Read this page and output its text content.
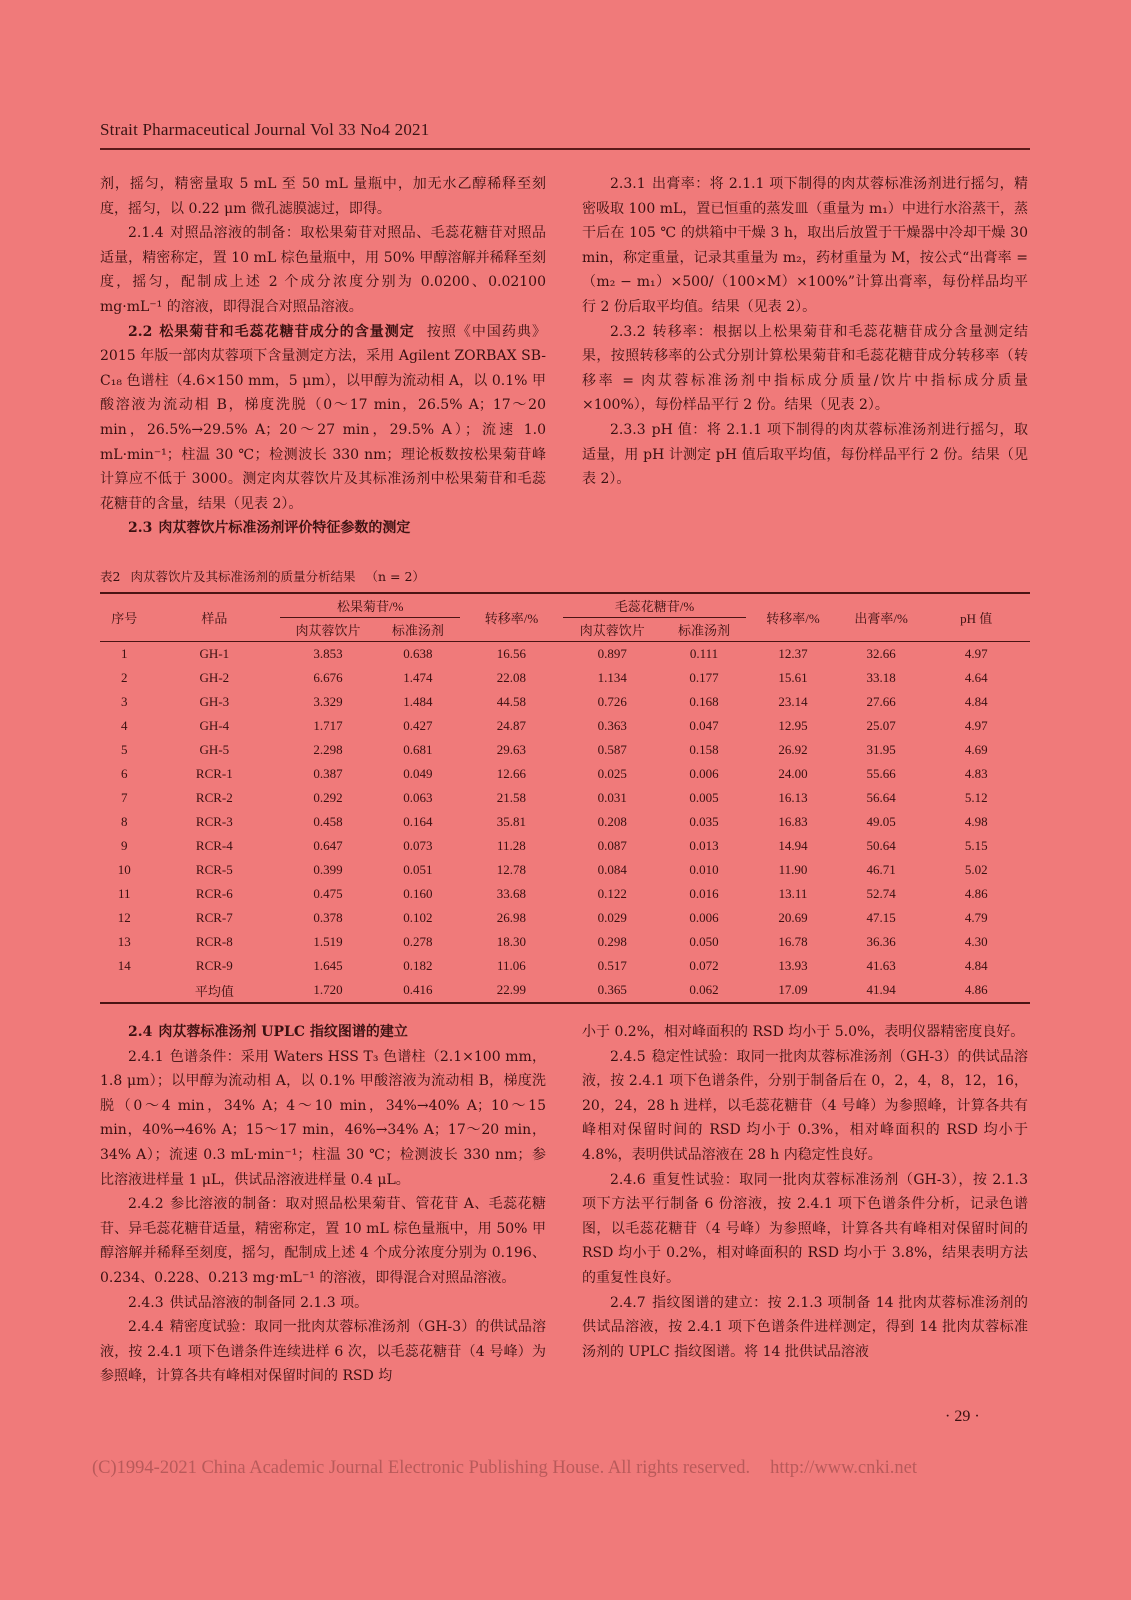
Strait Pharmaceutical Journal Vol 33 No4 2021

剂，摇匀，精密量取 5 mL 至 50 mL 量瓶中，加无水乙醇稀释至刻度，摇匀，以 0.22 μm 微孔滤膜滤过，即得。

2.1.4 对照品溶液的制备：取松果菊苷对照品、毛蕊花糖苷对照品适量，精密称定，置 10 mL 棕色量瓶中，用 50% 甲醇溶解并稀释至刻度，摇匀，配制成上述 2 个成分浓度分别为 0.0200、0.02100 mg·mL⁻¹ 的溶液，即得混合对照品溶液。

2.2 松果菊苷和毛蕊花糖苷成分的含量测定 按照《中国药典》2015 年版一部肉苁蓉项下含量测定方法，采用 Agilent ZORBAX SB-C₁₈ 色谱柱（4.6×150 mm，5 μm），以甲醇为流动相 A，以 0.1% 甲酸溶液为流动相 B，梯度洗脱（0～17 min，26.5% A；17～20 min，26.5%→29.5% A；20～27 min，29.5% A）；流速 1.0 mL·min⁻¹；柱温 30 ℃；检测波长 330 nm；理论板数按松果菊苷峰计算应不低于 3000。测定肉苁蓉饮片及其标准汤剂中松果菊苷和毛蕊花糖苷的含量，结果（见表 2）。

2.3 肉苁蓉饮片标准汤剂评价特征参数的测定

2.3.1 出膏率：将 2.1.1 项下制得的肉苁蓉标准汤剂进行摇匀，精密吸取 100 mL，置已恒重的蒸发皿（重量为 m₁）中进行水浴蒸干，蒸干后在 105 ℃ 的烘箱中干燥 3 h，取出后放置于干燥器中冷却干燥 30 min，称定重量，记录其重量为 m₂，药材重量为 M，按公式“出膏率 =（m₂ − m₁）×500/（100×M）×100%”计算出膏率，每份样品均平行 2 份后取平均值。结果（见表 2）。

2.3.2 转移率：根据以上松果菊苷和毛蕊花糖苷成分含量测定结果，按照转移率的公式分别计算松果菊苷和毛蕊花糖苷成分转移率（转移率 = 肉苁蓉标准汤剂中指标成分质量/饮片中指标成分质量×100%），每份样品平行 2 份。结果（见表 2）。

2.3.3 pH 值：将 2.1.1 项下制得的肉苁蓉标准汤剂进行摇匀，取适量，用 pH 计测定 pH 值后取平均值，每份样品平行 2 份。结果（见表 2）。

表2 肉苁蓉饮片及其标准汤剂的质量分析结果 （n = 2）
序号	样品	松果菊苷/%		转移率/%	毛蕊花糖苷/%		转移率/%	出膏率/%	pH 值
		肉苁蓉饮片	标准汤剂		肉苁蓉饮片	标准汤剂			
1	GH-1	3.853	0.638	16.56	0.897	0.111	12.37	32.66	4.97
2	GH-2	6.676	1.474	22.08	1.134	0.177	15.61	33.18	4.64
3	GH-3	3.329	1.484	44.58	0.726	0.168	23.14	27.66	4.84
4	GH-4	1.717	0.427	24.87	0.363	0.047	12.95	25.07	4.97
5	GH-5	2.298	0.681	29.63	0.587	0.158	26.92	31.95	4.69
6	RCR-1	0.387	0.049	12.66	0.025	0.006	24.00	55.66	4.83
7	RCR-2	0.292	0.063	21.58	0.031	0.005	16.13	56.64	5.12
8	RCR-3	0.458	0.164	35.81	0.208	0.035	16.83	49.05	4.98
9	RCR-4	0.647	0.073	11.28	0.087	0.013	14.94	50.64	5.15
10	RCR-5	0.399	0.051	12.78	0.084	0.010	11.90	46.71	5.02
11	RCR-6	0.475	0.160	33.68	0.122	0.016	13.11	52.74	4.86
12	RCR-7	0.378	0.102	26.98	0.029	0.006	20.69	47.15	4.79
13	RCR-8	1.519	0.278	18.30	0.298	0.050	16.78	36.36	4.30
14	RCR-9	1.645	0.182	11.06	0.517	0.072	13.93	41.63	4.84
	平均值	1.720	0.416	22.99	0.365	0.062	17.09	41.94	4.86

2.4 肉苁蓉标准汤剂 UPLC 指纹图谱的建立

2.4.1 色谱条件：采用 Waters HSS T₃ 色谱柱（2.1×100 mm，1.8 μm）；以甲醇为流动相 A，以 0.1% 甲酸溶液为流动相 B，梯度洗脱（0～4 min，34% A；4～10 min，34%→40% A；10～15 min，40%→46% A；15～17 min，46%→34% A；17～20 min，34% A）；流速 0.3 mL·min⁻¹；柱温 30 ℃；检测波长 330 nm；参比溶液进样量 1 μL，供试品溶液进样量 0.4 μL。

2.4.2 参比溶液的制备：取对照品松果菊苷、管花苷 A、毛蕊花糖苷、异毛蕊花糖苷适量，精密称定，置 10 mL 棕色量瓶中，用 50% 甲醇溶解并稀释至刻度，摇匀，配制成上述 4 个成分浓度分别为 0.196、0.234、0.228、0.213 mg·mL⁻¹ 的溶液，即得混合对照品溶液。

2.4.3 供试品溶液的制备同 2.1.3 项。

2.4.4 精密度试验：取同一批肉苁蓉标准汤剂（GH-3）的供试品溶液，按 2.4.1 项下色谱条件连续进样 6 次，以毛蕊花糖苷（4 号峰）为参照峰，计算各共有峰相对保留时间的 RSD 均

小于 0.2%，相对峰面积的 RSD 均小于 5.0%，表明仪器精密度良好。

2.4.5 稳定性试验：取同一批肉苁蓉标准汤剂（GH-3）的供试品溶液，按 2.4.1 项下色谱条件，分别于制备后在 0，2，4，8，12，16，20，24，28 h 进样，以毛蕊花糖苷（4 号峰）为参照峰，计算各共有峰相对保留时间的 RSD 均小于 0.3%，相对峰面积的 RSD 均小于 4.8%，表明供试品溶液在 28 h 内稳定性良好。

2.4.6 重复性试验：取同一批肉苁蓉标准汤剂（GH-3），按 2.1.3 项下方法平行制备 6 份溶液，按 2.4.1 项下色谱条件分析，记录色谱图，以毛蕊花糖苷（4 号峰）为参照峰，计算各共有峰相对保留时间的 RSD 均小于 0.2%，相对峰面积的 RSD 均小于 3.8%，结果表明方法的重复性良好。

2.4.7 指纹图谱的建立：按 2.1.3 项制备 14 批肉苁蓉标准汤剂的供试品溶液，按 2.4.1 项下色谱条件进样测定，得到 14 批肉苁蓉标准汤剂的 UPLC 指纹图谱。将 14 批供试品溶液

· 29 ·
(C)1994-2021 China Academic Journal Electronic Publishing House. All rights reserved. http://www.cnki.net
